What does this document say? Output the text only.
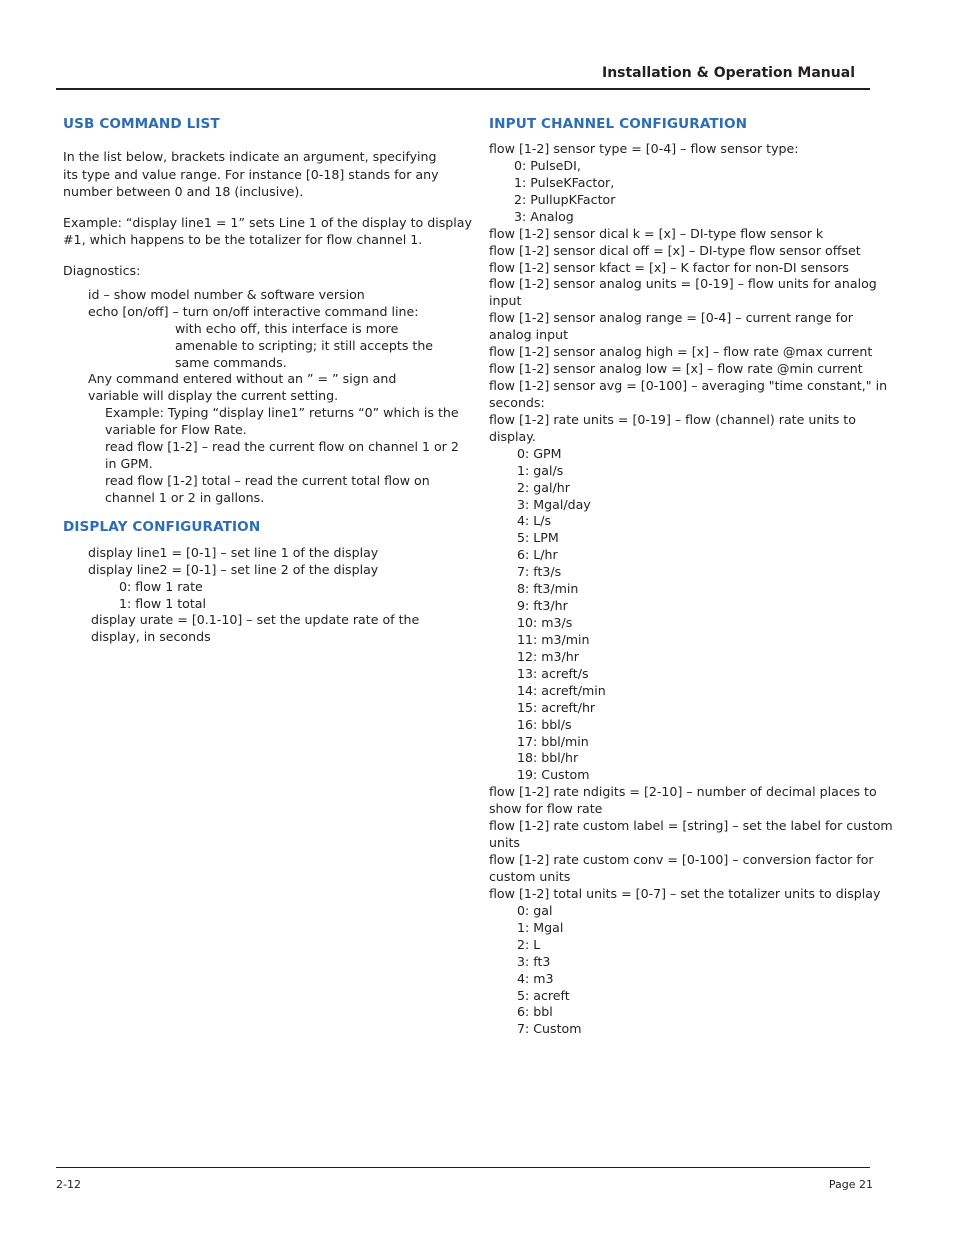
Installation & Operation Manual
USB COMMAND LIST
In the list below, brackets indicate an argument, specifying
its type and value range. For instance [0-18] stands for any
number between 0 and 18 (inclusive).
Example: “display line1 = 1” sets Line 1 of the display to display
#1, which happens to be the totalizer for flow channel 1.
Diagnostics:
id – show model number & software version
echo [on/off] – turn on/off interactive command line:
with echo off, this interface is more
amenable to scripting; it still accepts the
same commands.
Any command entered without an ” = ” sign and
variable will display the current setting.
Example: Typing “display line1” returns “0” which is the
variable for Flow Rate.
read flow [1-2] – read the current flow on channel 1 or 2
in GPM.
read flow [1-2] total – read the current total flow on
channel 1 or 2 in gallons.
DISPLAY CONFIGURATION
display line1 = [0-1] – set line 1 of the display
display line2 = [0-1] – set line 2 of the display
0: flow 1 rate
1: flow 1 total
display urate = [0.1-10] – set the update rate of the
display, in seconds
INPUT CHANNEL CONFIGURATION
flow [1-2] sensor type = [0-4] – flow sensor type:
0: PulseDI,
1: PulseKFactor,
2: PullupKFactor
3: Analog
flow [1-2] sensor dical k = [x] – DI-type flow sensor k
flow [1-2] sensor dical off = [x] – DI-type flow sensor offset
flow [1-2] sensor kfact = [x] – K factor for non-DI sensors
flow [1-2] sensor analog units = [0-19] – flow units for analog
input
flow [1-2] sensor analog range = [0-4] – current range for
analog input
flow [1-2] sensor analog high = [x] – flow rate @max current
flow [1-2] sensor analog low = [x] – flow rate @min current
flow [1-2] sensor avg = [0-100] – averaging "time constant," in
seconds:
flow [1-2] rate units = [0-19] – flow (channel) rate units to
display.
0: GPM
1: gal/s
2: gal/hr
3: Mgal/day
4: L/s
5: LPM
6: L/hr
7: ft3/s
8: ft3/min
9: ft3/hr
10: m3/s
11: m3/min
12: m3/hr
13: acreft/s
14: acreft/min
15: acreft/hr
16: bbl/s
17: bbl/min
18: bbl/hr
19: Custom
flow [1-2] rate ndigits = [2-10] – number of decimal places to
show for flow rate
flow [1-2] rate custom label = [string] – set the label for custom
units
flow [1-2] rate custom conv = [0-100] – conversion factor for
custom units
flow [1-2] total units = [0-7] – set the totalizer units to display
0: gal
1: Mgal
2: L
3: ft3
4: m3
5: acreft
6: bbl
7: Custom
2-12	Page 21
